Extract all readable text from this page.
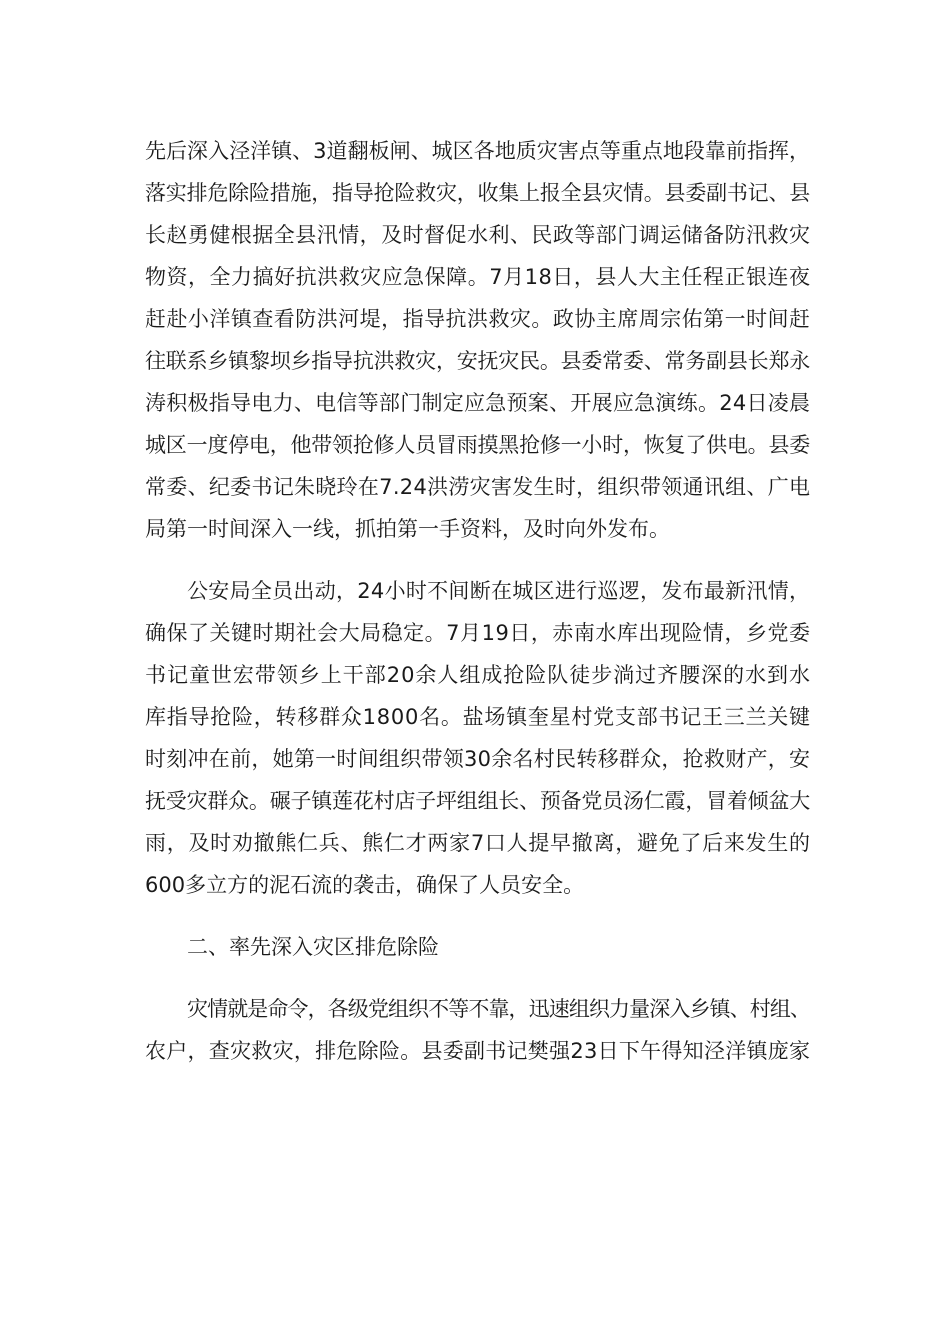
先后深入泾洋镇、3道翻板闸、城区各地质灾害点等重点地段靠前指挥，
落实排危除险措施，指导抢险救灾，收集上报全县灾情。县委副书记、县
长赵勇健根据全县汛情，及时督促水利、民政等部门调运储备防汛救灾
物资，全力搞好抗洪救灾应急保障。7月18日，县人大主任程正银连夜
赶赴小洋镇查看防洪河堤，指导抗洪救灾。政协主席周宗佑第一时间赶
往联系乡镇黎坝乡指导抗洪救灾，安抚灾民。县委常委、常务副县长郑永
涛积极指导电力、电信等部门制定应急预案、开展应急演练。24日凌晨
城区一度停电，他带领抢修人员冒雨摸黑抢修一小时，恢复了供电。县委
常委、纪委书记朱晓玲在7.24洪涝灾害发生时，组织带领通讯组、广电
局第一时间深入一线，抓拍第一手资料，及时向外发布。
公安局全员出动，24小时不间断在城区进行巡逻，发布最新汛情，
确保了关键时期社会大局稳定。7月19日，赤南水库出现险情，乡党委
书记童世宏带领乡上干部20余人组成抢险队徒步淌过齐腰深的水到水
库指导抢险，转移群众1800名。盐场镇奎星村党支部书记王三兰关键
时刻冲在前，她第一时间组织带领30余名村民转移群众，抢救财产，安
抚受灾群众。碾子镇莲花村店子坪组组长、预备党员汤仁霞，冒着倾盆大
雨，及时劝撤熊仁兵、熊仁才两家7口人提早撤离，避免了后来发生的
600多立方的泥石流的袭击，确保了人员安全。
二、率先深入灾区排危除险
灾情就是命令，各级党组织不等不靠，迅速组织力量深入乡镇、村组、
农户，查灾救灾，排危除险。县委副书记樊强23日下午得知泾洋镇庞家
